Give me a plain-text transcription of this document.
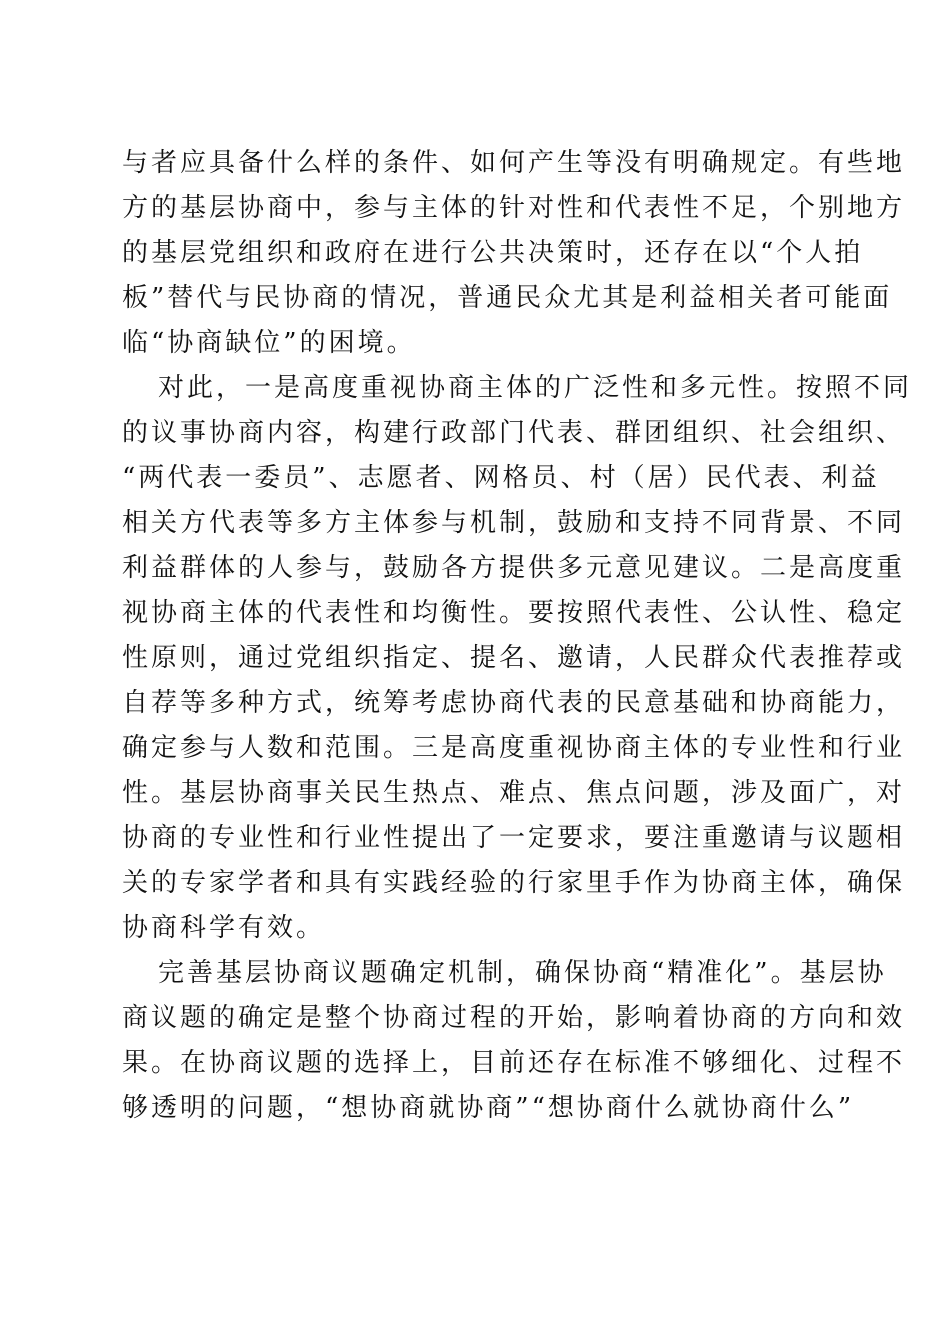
与者应具备什么样的条件、如何产生等没有明确规定。有些地
方的基层协商中，参与主体的针对性和代表性不足，个别地方
的基层党组织和政府在进行公共决策时，还存在以“个人拍
板”替代与民协商的情况，普通民众尤其是利益相关者可能面
临“协商缺位”的困境。
对此，一是高度重视协商主体的广泛性和多元性。按照不同
的议事协商内容，构建行政部门代表、群团组织、社会组织、
“两代表一委员”、志愿者、网格员、村（居）民代表、利益
相关方代表等多方主体参与机制，鼓励和支持不同背景、不同
利益群体的人参与，鼓励各方提供多元意见建议。二是高度重
视协商主体的代表性和均衡性。要按照代表性、公认性、稳定
性原则，通过党组织指定、提名、邀请，人民群众代表推荐或
自荐等多种方式，统筹考虑协商代表的民意基础和协商能力，
确定参与人数和范围。三是高度重视协商主体的专业性和行业
性。基层协商事关民生热点、难点、焦点问题，涉及面广，对
协商的专业性和行业性提出了一定要求，要注重邀请与议题相
关的专家学者和具有实践经验的行家里手作为协商主体，确保
协商科学有效。
完善基层协商议题确定机制，确保协商“精准化”。基层协
商议题的确定是整个协商过程的开始，影响着协商的方向和效
果。在协商议题的选择上，目前还存在标准不够细化、过程不
够透明的问题，“想协商就协商”“想协商什么就协商什么”
